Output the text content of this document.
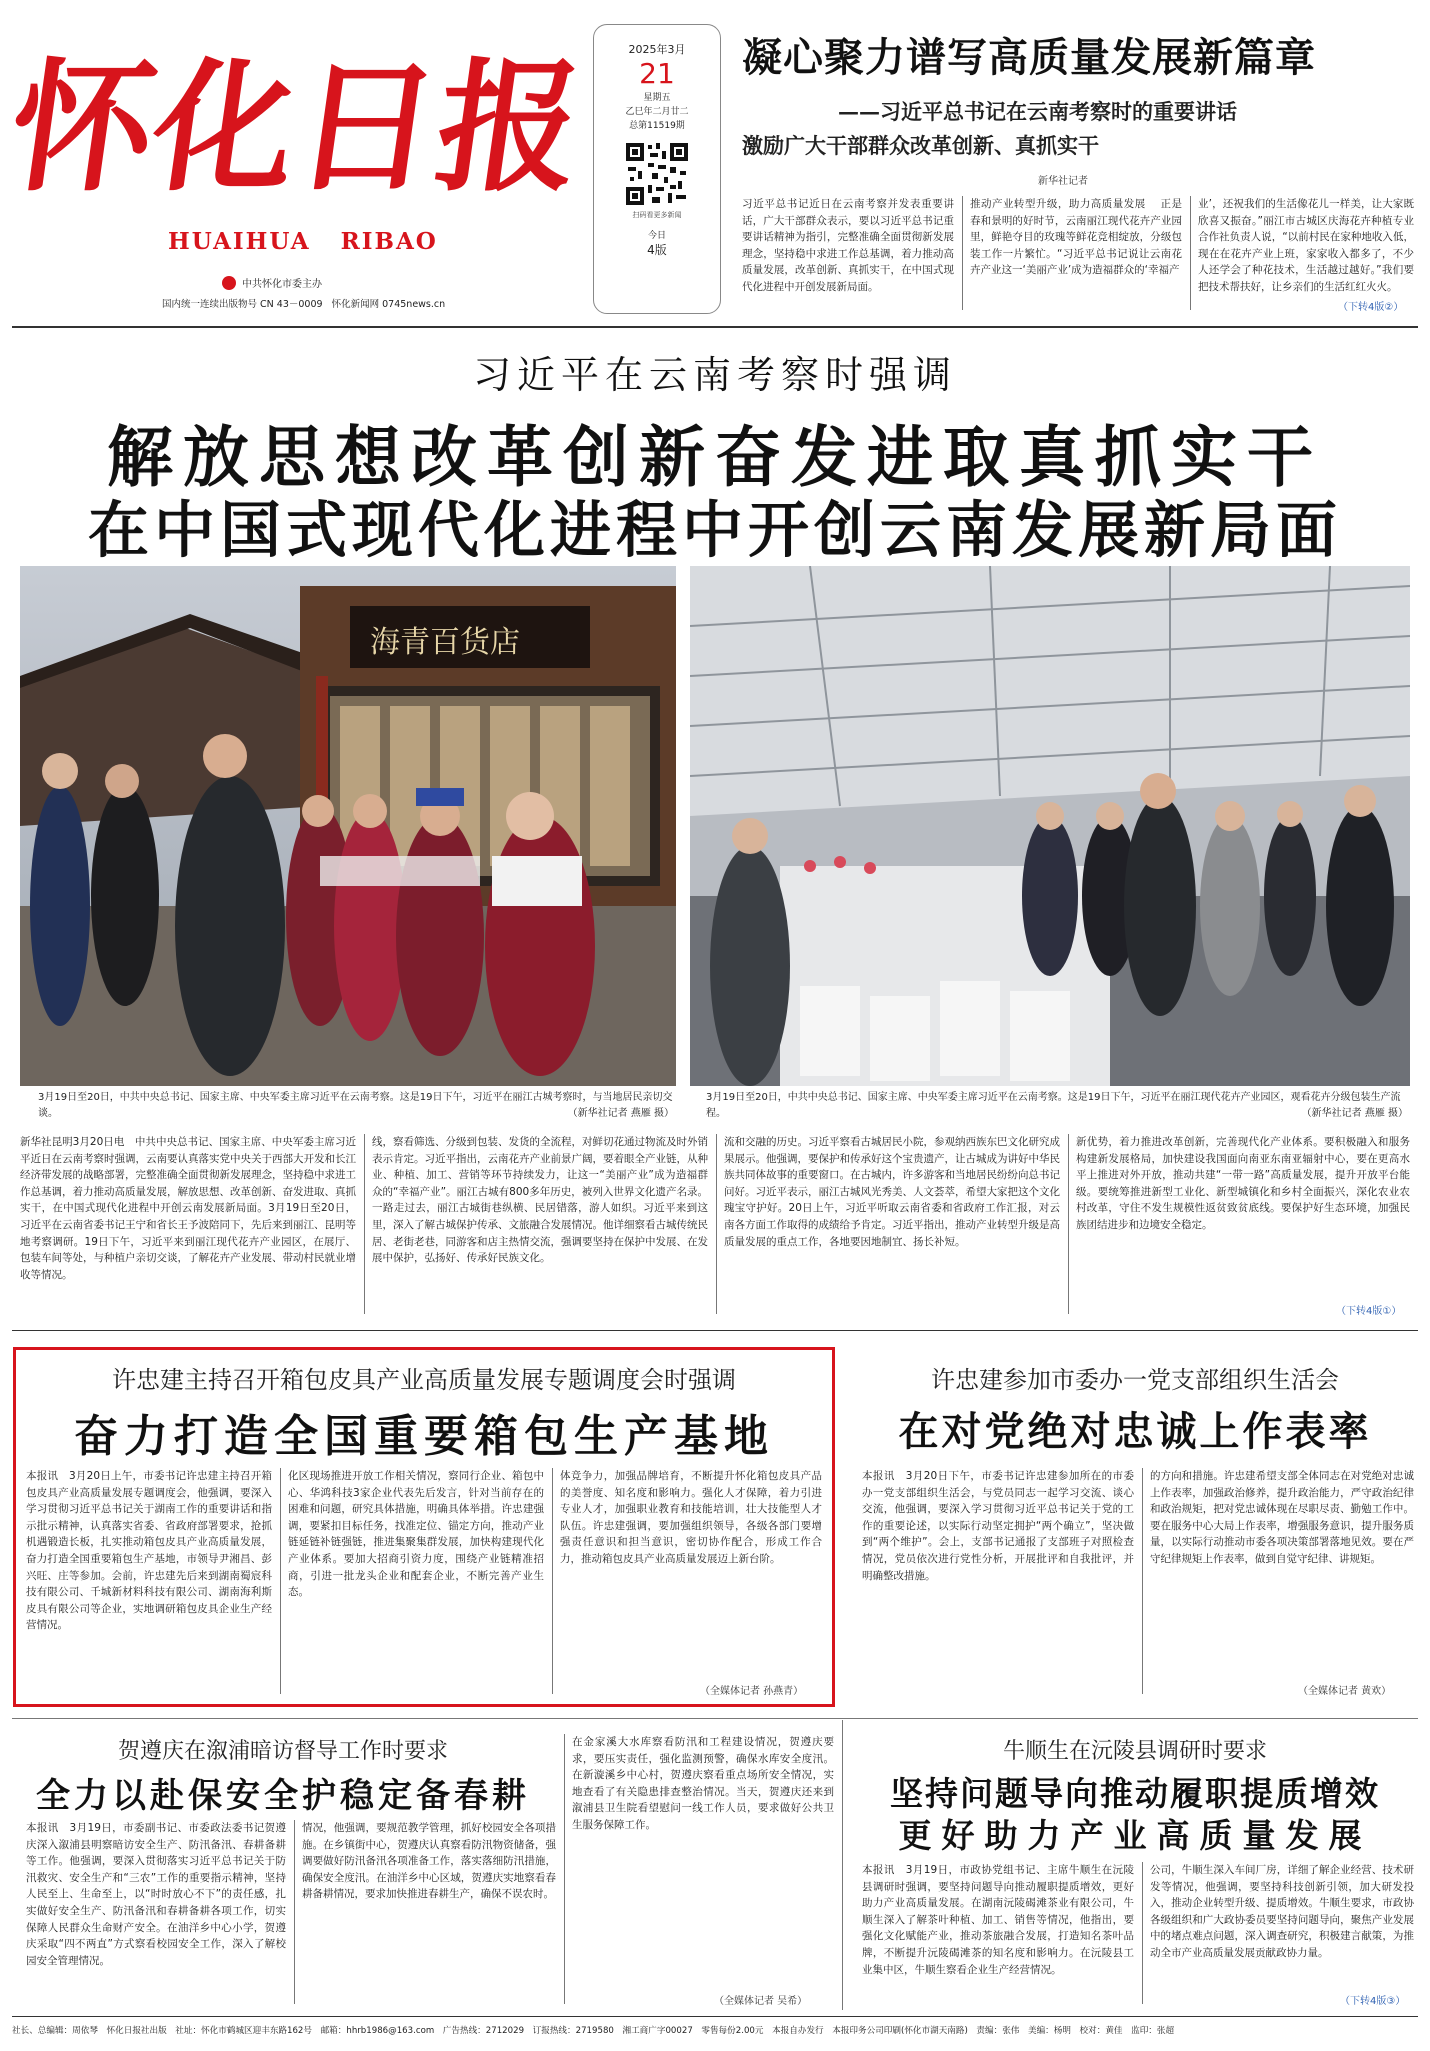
怀
化
日
报
HUAIHUA   RIBAO
中共怀化市委主办
国内统一连续出版物号 CN 43－0009   怀化新闻网 0745news.cn
2025年3月
21
星期五
乙巳年二月廿二
总第11519期
扫码看更多新闻
今日
4版
凝心聚力谱写高质量发展新篇章
——习近平总书记在云南考察时的重要讲话
激励广大干部群众改革创新、真抓实干
新华社记者
习近平总书记近日在云南考察并发表重要讲话，广大干部群众表示，要以习近平总书记重要讲话精神为指引，完整准确全面贯彻新发展理念，坚持稳中求进工作总基调，着力推动高质量发展，改革创新、真抓实干，在中国式现代化进程中开创发展新局面。
推动产业转型升级，助力高质量发展 　正是春和景明的好时节，云南丽江现代花卉产业园里，鲜艳夺目的玫瑰等鲜花竞相绽放，分级包装工作一片繁忙。“习近平总书记说让云南花卉产业这一‘美丽产业’成为造福群众的‘幸福产
业’，还祝我们的生活像花儿一样美，让大家既欣喜又振奋。”丽江市古城区庆海花卉种植专业合作社负责人说，“以前村民在家种地收入低，现在在花卉产业上班，家家收入都多了，不少人还学会了种花技术，生活越过越好。”我们要把技术帮扶好，让乡亲们的生活红红火火。
（下转4版②）
习近平在云南考察时强调
解放思想改革创新奋发进取真抓实干
在中国式现代化进程中开创云南发展新局面
海青百货店
3月19日至20日，中共中央总书记、国家主席、中央军委主席习近平在云南考察。这是19日下午，习近平在丽江古城考察时，与当地居民亲切交谈。	（新华社记者 燕雁 摄）
3月19日至20日，中共中央总书记、国家主席、中央军委主席习近平在云南考察。这是19日下午，习近平在丽江现代花卉产业园区，观看花卉分级包装生产流程。	（新华社记者 燕雁 摄）
新华社昆明3月20日电　中共中央总书记、国家主席、中央军委主席习近平近日在云南考察时强调，云南要认真落实党中央关于西部大开发和长江经济带发展的战略部署，完整准确全面贯彻新发展理念，坚持稳中求进工作总基调，着力推动高质量发展，解放思想、改革创新、奋发进取、真抓实干，在中国式现代化进程中开创云南发展新局面。3月19日至20日，习近平在云南省委书记王宁和省长王予波陪同下，先后来到丽江、昆明等地考察调研。19日下午，习近平来到丽江现代花卉产业园区，在展厅、包装车间等处，与种植户亲切交谈，了解花卉产业发展、带动村民就业增收等情况。
线，察看筛选、分级到包装、发货的全流程，对鲜切花通过物流及时外销表示肯定。习近平指出，云南花卉产业前景广阔，要着眼全产业链，从种业、种植、加工、营销等环节持续发力，让这一“美丽产业”成为造福群众的“幸福产业”。丽江古城有800多年历史，被列入世界文化遗产名录。一路走过去，丽江古城街巷纵横、民居错落，游人如织。习近平来到这里，深入了解古城保护传承、文旅融合发展情况。他详细察看古城传统民居、老街老巷，同游客和店主热情交流，强调要坚持在保护中发展、在发展中保护，弘扬好、传承好民族文化。
流和交融的历史。习近平察看古城居民小院，参观纳西族东巴文化研究成果展示。他强调，要保护和传承好这个宝贵遗产，让古城成为讲好中华民族共同体故事的重要窗口。在古城内，许多游客和当地居民纷纷向总书记问好。习近平表示，丽江古城风光秀美、人文荟萃，希望大家把这个文化瑰宝守护好。20日上午，习近平听取云南省委和省政府工作汇报，对云南各方面工作取得的成绩给予肯定。习近平指出，推动产业转型升级是高质量发展的重点工作，各地要因地制宜、扬长补短。
新优势，着力推进改革创新，完善现代化产业体系。要积极融入和服务构建新发展格局，加快建设我国面向南亚东南亚辐射中心，要在更高水平上推进对外开放，推动共建“一带一路”高质量发展，提升开放平台能级。要统筹推进新型工业化、新型城镇化和乡村全面振兴，深化农业农村改革，守住不发生规模性返贫致贫底线。要保护好生态环境，加强民族团结进步和边境安全稳定。
（下转4版①）
许忠建主持召开箱包皮具产业高质量发展专题调度会时强调
奋力打造全国重要箱包生产基地
本报讯　3月20日上午，市委书记许忠建主持召开箱包皮具产业高质量发展专题调度会，他强调，要深入学习贯彻习近平总书记关于湖南工作的重要讲话和指示批示精神，认真落实省委、省政府部署要求，抢抓机遇锻造长板，扎实推动箱包皮具产业高质量发展，奋力打造全国重要箱包生产基地，市领导尹湘昌、彭兴旺、庄等参加。会前，许忠建先后来到湖南蜀宸科技有限公司、千城新材料科技有限公司、湖南海利斯皮具有限公司等企业，实地调研箱包皮具企业生产经营情况。
化区现场推进开放工作相关情况，察同行企业、箱包中心、华鸿科技3家企业代表先后发言，针对当前存在的困难和问题，研究具体措施，明确具体举措。许忠建强调，要紧扣目标任务，找准定位、锚定方向，推动产业链延链补链强链，推进集聚集群发展，加快构建现代化产业体系。要加大招商引资力度，围绕产业链精准招商，引进一批龙头企业和配套企业，不断完善产业生态。
体竞争力，加强品牌培育，不断提升怀化箱包皮具产品的美誉度、知名度和影响力。强化人才保障，着力引进专业人才，加强职业教育和技能培训，壮大技能型人才队伍。许忠建强调，要加强组织领导，各级各部门要增强责任意识和担当意识，密切协作配合，形成工作合力，推动箱包皮具产业高质量发展迈上新台阶。
（全媒体记者 孙燕青）
许忠建参加市委办一党支部组织生活会
在对党绝对忠诚上作表率
本报讯　3月20日下午，市委书记许忠建参加所在的市委办一党支部组织生活会，与党员同志一起学习交流、谈心交流，他强调，要深入学习贯彻习近平总书记关于党的工作的重要论述，以实际行动坚定拥护“两个确立”，坚决做到“两个维护”。会上，支部书记通报了支部班子对照检查情况，党员依次进行党性分析，开展批评和自我批评，并明确整改措施。
的方向和措施。许忠建希望支部全体同志在对党绝对忠诚上作表率，加强政治修养，提升政治能力，严守政治纪律和政治规矩，把对党忠诚体现在尽职尽责、勤勉工作中。要在服务中心大局上作表率，增强服务意识，提升服务质量，以实际行动推动市委各项决策部署落地见效。要在严守纪律规矩上作表率，做到自觉守纪律、讲规矩。
（全媒体记者 黄欢）
贺遵庆在溆浦暗访督导工作时要求
全力以赴保安全护稳定备春耕
本报讯　3月19日，市委副书记、市委政法委书记贺遵庆深入溆浦县明察暗访安全生产、防汛备汛、春耕备耕等工作。他强调，要深入贯彻落实习近平总书记关于防汛救灾、安全生产和“三农”工作的重要指示精神，坚持人民至上、生命至上，以“时时放心不下”的责任感，扎实做好安全生产、防汛备汛和春耕备耕各项工作，切实保障人民群众生命财产安全。在油洋乡中心小学，贺遵庆采取“四不两直”方式察看校园安全工作，深入了解校园安全管理情况。
情况，他强调，要规范教学管理，抓好校园安全各项措施。在乡镇街中心，贺遵庆认真察看防汛物资储备，强调要做好防汛备汛各项准备工作，落实落细防汛措施，确保安全度汛。在油洋乡中心区域，贺遵庆实地察看春耕备耕情况，要求加快推进春耕生产，确保不误农时。
在金家溪大水库察看防汛和工程建设情况，贺遵庆要求，要压实责任，强化监测预警，确保水库安全度汛。在新漩溪乡中心村，贺遵庆察看重点场所安全情况，实地查看了有关隐患排查整治情况。当天，贺遵庆还来到溆浦县卫生院看望慰问一线工作人员，要求做好公共卫生服务保障工作。
（全媒体记者 吴希）
牛顺生在沅陵县调研时要求
坚持问题导向推动履职提质增效
更好助力产业高质量发展
本报讯　3月19日，市政协党组书记、主席牛顺生在沅陵县调研时强调，要坚持问题导向推动履职提质增效，更好助力产业高质量发展。在湖南沅陵碣滩茶业有限公司，牛顺生深入了解茶叶种植、加工、销售等情况，他指出，要强化文化赋能产业，推动茶旅融合发展，打造知名茶叶品牌，不断提升沅陵碣滩茶的知名度和影响力。在沅陵县工业集中区，牛顺生察看企业生产经营情况。
公司，牛顺生深入车间厂房，详细了解企业经营、技术研发等情况，他强调，要坚持科技创新引领，加大研发投入，推动企业转型升级、提质增效。牛顺生要求，市政协各级组织和广大政协委员要坚持问题导向，聚焦产业发展中的堵点难点问题，深入调查研究，积极建言献策，为推动全市产业高质量发展贡献政协力量。
（下转4版③）
社长、总编辑：周依琴　怀化日报社出版　社址：怀化市鹤城区迎丰东路162号　邮箱：hhrb1986@163.com　广告热线：2712029　订报热线：2719580　湘工商广字00027　零售每份2.00元　本报自办发行　本报印务公司印刷(怀化市湖天南路)　责编：张伟　美编：杨明　校对：黄佳　监印：张超
